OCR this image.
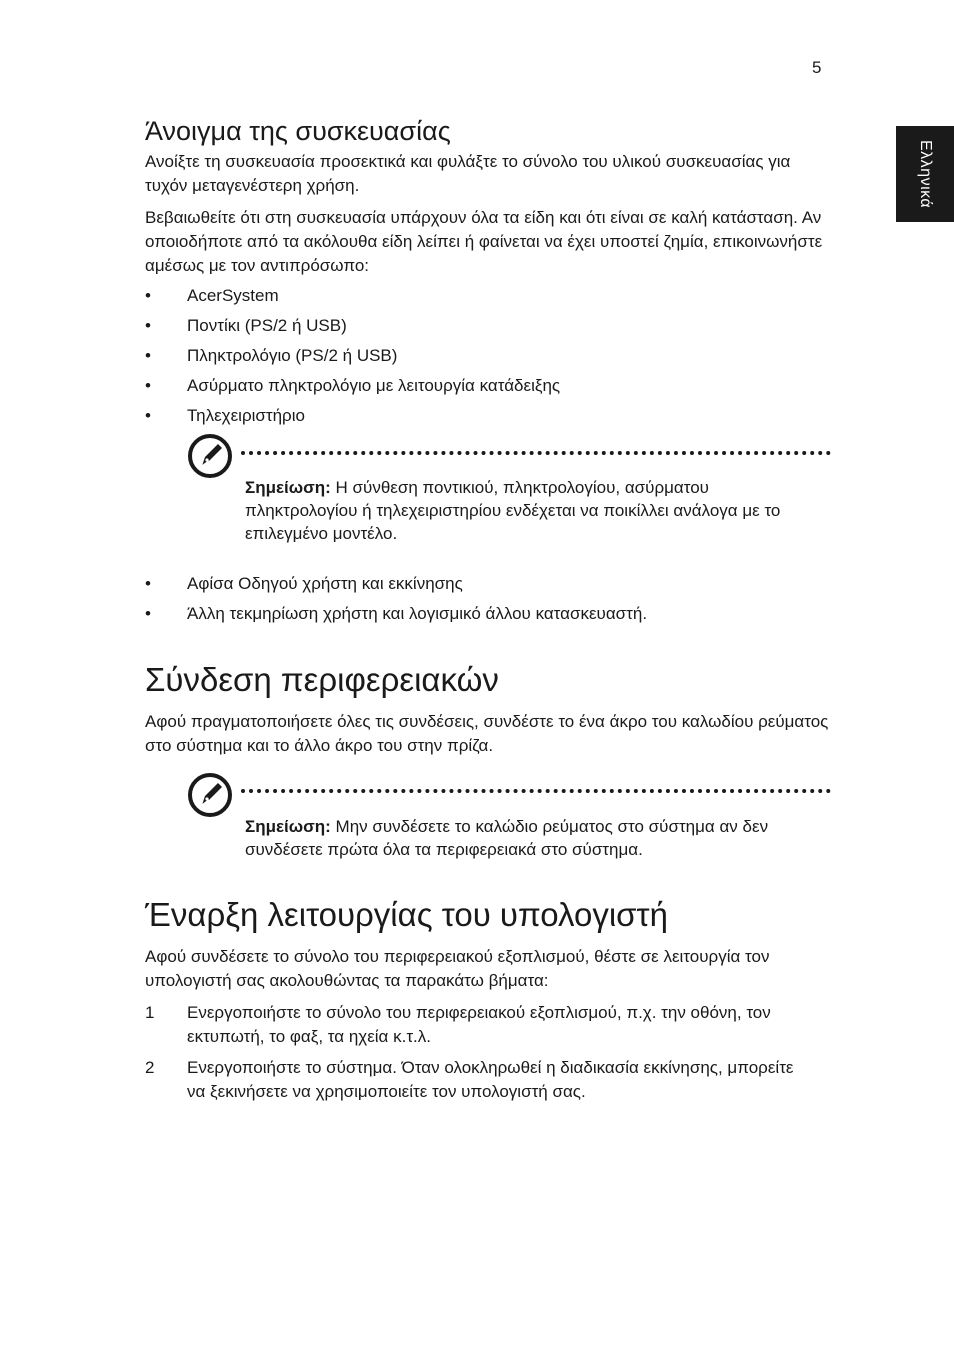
5
Ελληνικά
Άνοιγμα της συσκευασίας

Ανοίξτε τη συσκευασία προσεκτικά και φυλάξτε το σύνολο του υλικού συσκευασίας για τυχόν μεταγενέστερη χρήση.

Βεβαιωθείτε ότι στη συσκευασία υπάρχουν όλα τα είδη και ότι είναι σε καλή κατάσταση. Αν οποιοδήποτε από τα ακόλουθα είδη λείπει ή φαίνεται να έχει υποστεί ζημία, επικοινωνήστε αμέσως με τον αντιπρόσωπο:

• AcerSystem
• Ποντίκι (PS/2 ή USB)
• Πληκτρολόγιο (PS/2 ή USB)
• Ασύρματο πληκτρολόγιο με λειτουργία κατάδειξης
• Τηλεχειριστήριο
Σημείωση: Η σύνθεση ποντικιού, πληκτρολογίου, ασύρματου πληκτρολογίου ή τηλεχειριστηρίου ενδέχεται να ποικίλλει ανάλογα με το επιλεγμένο μοντέλο.
• Αφίσα Οδηγού χρήστη και εκκίνησης
• Άλλη τεκμηρίωση χρήστη και λογισμικό άλλου κατασκευαστή.
Σύνδεση περιφερειακών

Αφού πραγματοποιήσετε όλες τις συνδέσεις, συνδέστε το ένα άκρο του καλωδίου ρεύματος στο σύστημα και το άλλο άκρο του στην πρίζα.

Σημείωση: Μην συνδέσετε το καλώδιο ρεύματος στο σύστημα αν δεν συνδέσετε πρώτα όλα τα περιφερειακά στο σύστημα.
Έναρξη λειτουργίας του υπολογιστή

Αφού συνδέσετε το σύνολο του περιφερειακού εξοπλισμού, θέστε σε λειτουργία τον υπολογιστή σας ακολουθώντας τα παρακάτω βήματα:

1 Ενεργοποιήστε το σύνολο του περιφερειακού εξοπλισμού, π.χ. την οθόνη, τον εκτυπωτή, το φαξ, τα ηχεία κ.τ.λ.
2 Ενεργοποιήστε το σύστημα. Όταν ολοκληρωθεί η διαδικασία εκκίνησης, μπορείτε να ξεκινήσετε να χρησιμοποιείτε τον υπολογιστή σας.
